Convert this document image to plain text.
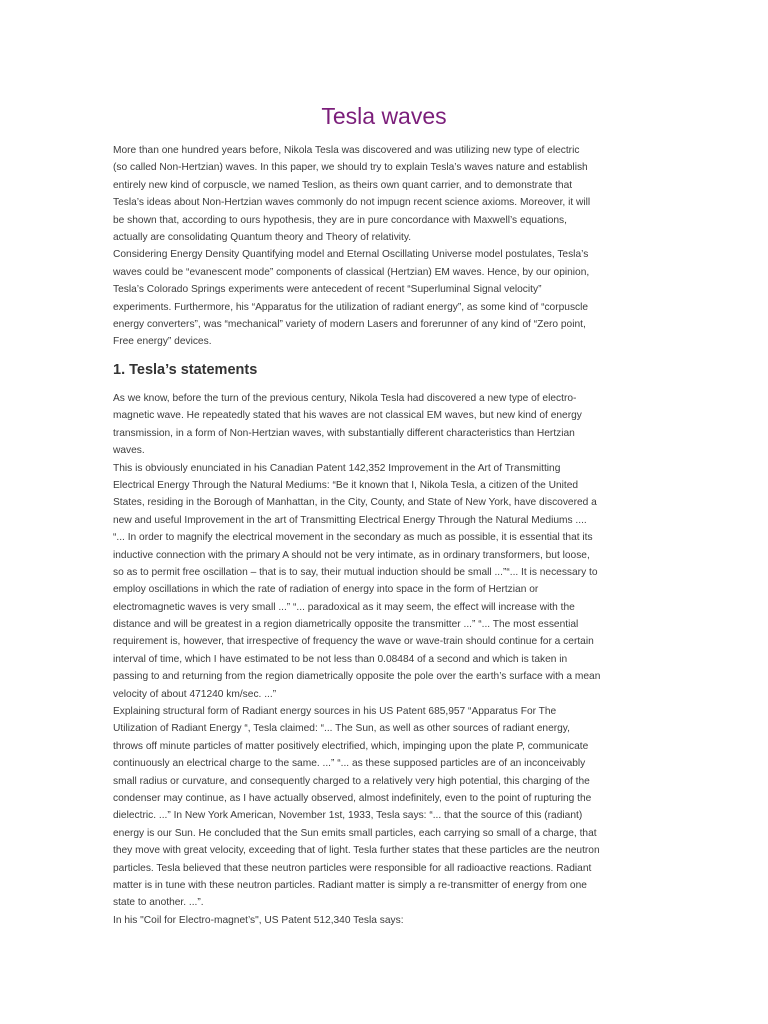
Tesla waves
More than one hundred years before, Nikola Tesla was discovered and was utilizing new type of electric
(so called Non-Hertzian) waves. In this paper, we should try to explain Tesla’s waves nature and establish
entirely new kind of corpuscle, we named Teslion, as theirs own quant carrier, and to demonstrate that
Tesla’s ideas about Non-Hertzian waves commonly do not impugn recent science axioms. Moreover, it will
be shown that, according to ours hypothesis, they are in pure concordance with Maxwell’s equations,
actually are consolidating Quantum theory and Theory of relativity.
Considering Energy Density Quantifying model and Eternal Oscillating Universe model postulates, Tesla’s
waves could be “evanescent mode” components of classical (Hertzian) EM waves. Hence, by our opinion,
Tesla’s Colorado Springs experiments were antecedent of recent “Superluminal Signal velocity”
experiments. Furthermore, his “Apparatus for the utilization of radiant energy”, as some kind of “corpuscle
energy converters”, was “mechanical” variety of modern Lasers and forerunner of any kind of “Zero point,
Free energy” devices.
1. Tesla’s statements
As we know, before the turn of the previous century, Nikola Tesla had discovered a new type of electro-
magnetic wave. He repeatedly stated that his waves are not classical EM waves, but new kind of energy
transmission, in a form of Non-Hertzian waves, with substantially different characteristics than Hertzian
waves.
This is obviously enunciated in his Canadian Patent 142,352 Improvement in the Art of Transmitting
Electrical Energy Through the Natural Mediums: “Be it known that I, Nikola Tesla, a citizen of the United
States, residing in the Borough of Manhattan, in the City, County, and State of New York, have discovered a
new and useful Improvement in the art of Transmitting Electrical Energy Through the Natural Mediums ....
“... In order to magnify the electrical movement in the secondary as much as possible, it is essential that its
inductive connection with the primary A should not be very intimate, as in ordinary transformers, but loose,
so as to permit free oscillation – that is to say, their mutual induction should be small ...”“... It is necessary to
employ oscillations in which the rate of radiation of energy into space in the form of Hertzian or
electromagnetic waves is very small ...” “... paradoxical as it may seem, the effect will increase with the
distance and will be greatest in a region diametrically opposite the transmitter ...” “... The most essential
requirement is, however, that irrespective of frequency the wave or wave-train should continue for a certain
interval of time, which I have estimated to be not less than 0.08484 of a second and which is taken in
passing to and returning from the region diametrically opposite the pole over the earth’s surface with a mean
velocity of about 471240 km/sec. ...”
Explaining structural form of Radiant energy sources in his US Patent 685,957 “Apparatus For The
Utilization of Radiant Energy “, Tesla claimed: “... The Sun, as well as other sources of radiant energy,
throws off minute particles of matter positively electrified, which, impinging upon the plate P, communicate
continuously an electrical charge to the same. ...” “... as these supposed particles are of an inconceivably
small radius or curvature, and consequently charged to a relatively very high potential, this charging of the
condenser may continue, as I have actually observed, almost indefinitely, even to the point of rupturing the
dielectric. ...” In New York American, November 1st, 1933, Tesla says: “... that the source of this (radiant)
energy is our Sun. He concluded that the Sun emits small particles, each carrying so small of a charge, that
they move with great velocity, exceeding that of light. Tesla further states that these particles are the neutron
particles. Tesla believed that these neutron particles were responsible for all radioactive reactions. Radiant
matter is in tune with these neutron particles. Radiant matter is simply a re-transmitter of energy from one
state to another. ...”.
In his "Coil for Electro-magnet’s", US Patent 512,340 Tesla says:
